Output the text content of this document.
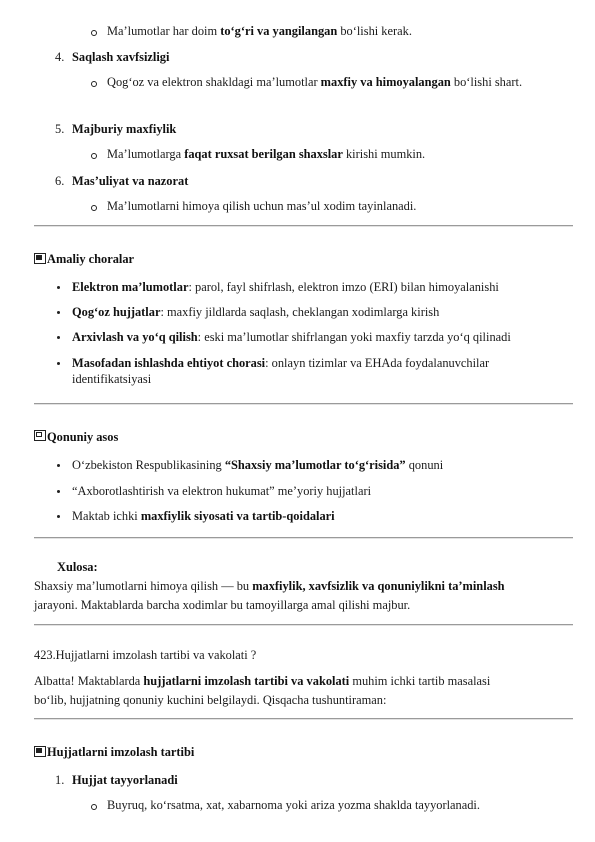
Ma’lumotlar har doim to‘g‘ri va yangilangan bo‘lishi kerak.
4. Saqlash xavfsizligi
Qog‘oz va elektron shakldagi ma’lumotlar maxfiy va himoyalangan bo‘lishi shart.
5. Majburiy maxfiylik
Ma’lumotlarga faqat ruxsat berilgan shaxslar kirishi mumkin.
6. Mas’uliyat va nazorat
Ma’lumotlarni himoya qilish uchun mas’ul xodim tayinlanadi.
Amaliy choralar
Elektron ma’lumotlar: parol, fayl shifrlash, elektron imzo (ERI) bilan himoyalanishi
Qog‘oz hujjatlar: maxfiy jildlarda saqlash, cheklangan xodimlarga kirish
Arxivlash va yo‘q qilish: eski ma’lumotlar shifrlangan yoki maxfiy tarzda yo‘q qilinadi
Masofadan ishlashda ehtiyot chorasi: onlayn tizimlar va EHAda foydalanuvchilar identifikatsiyasi
Qonuniy asos
O‘zbekiston Respublikasining “Shaxsiy ma’lumotlar to‘g‘risida” qonuni
“Axborotlashtirish va elektron hukumat” me’yoriy hujjatlari
Maktab ichki maxfiylik siyosati va tartib-qoidalari
Xulosa:
Shaxsiy ma’lumotlarni himoya qilish — bu maxfiylik, xavfsizlik va qonuniylikni ta’minlash
jarayoni. Maktablarda barcha xodimlar bu tamoyillarga amal qilishi majbur.
423.Hujjatlarni imzolash tartibi va vakolati ?
Albatta! Maktablarda hujjatlarni imzolash tartibi va vakolati muhim ichki tartib masalasi
bo‘lib, hujjatning qonuniy kuchini belgilaydi. Qisqacha tushuntiraman:
Hujjatlarni imzolash tartibi
1. Hujjat tayyorlanadi
Buyruq, ko‘rsatma, xat, xabarnoma yoki ariza yozma shaklda tayyorlanadi.
